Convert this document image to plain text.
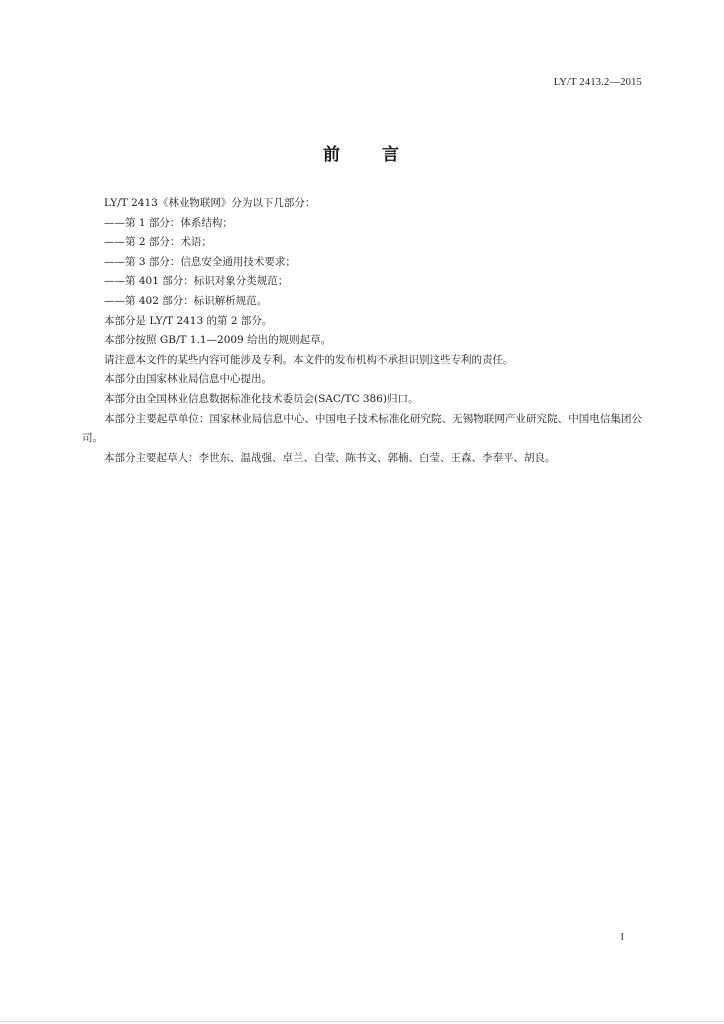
LY/T 2413.2—2015
前 言

LY/T 2413《林业物联网》分为以下几部分：

——第 1 部分：体系结构；

——第 2 部分：术语；

——第 3 部分：信息安全通用技术要求；

——第 401 部分：标识对象分类规范；

——第 402 部分：标识解析规范。

本部分是 LY/T 2413 的第 2 部分。

本部分按照 GB/T 1.1—2009 给出的规则起草。

请注意本文件的某些内容可能涉及专利。本文件的发布机构不承担识别这些专利的责任。

本部分由国家林业局信息中心提出。

本部分由全国林业信息数据标准化技术委员会(SAC/TC 386)归口。

本部分主要起草单位：国家林业局信息中心、中国电子技术标准化研究院、无锡物联网产业研究院、中国电信集团公司。

本部分主要起草人：李世东、温战强、卓兰、白莹、陈书文、郭楠、白莹、王森、李奉平、胡良。

I
